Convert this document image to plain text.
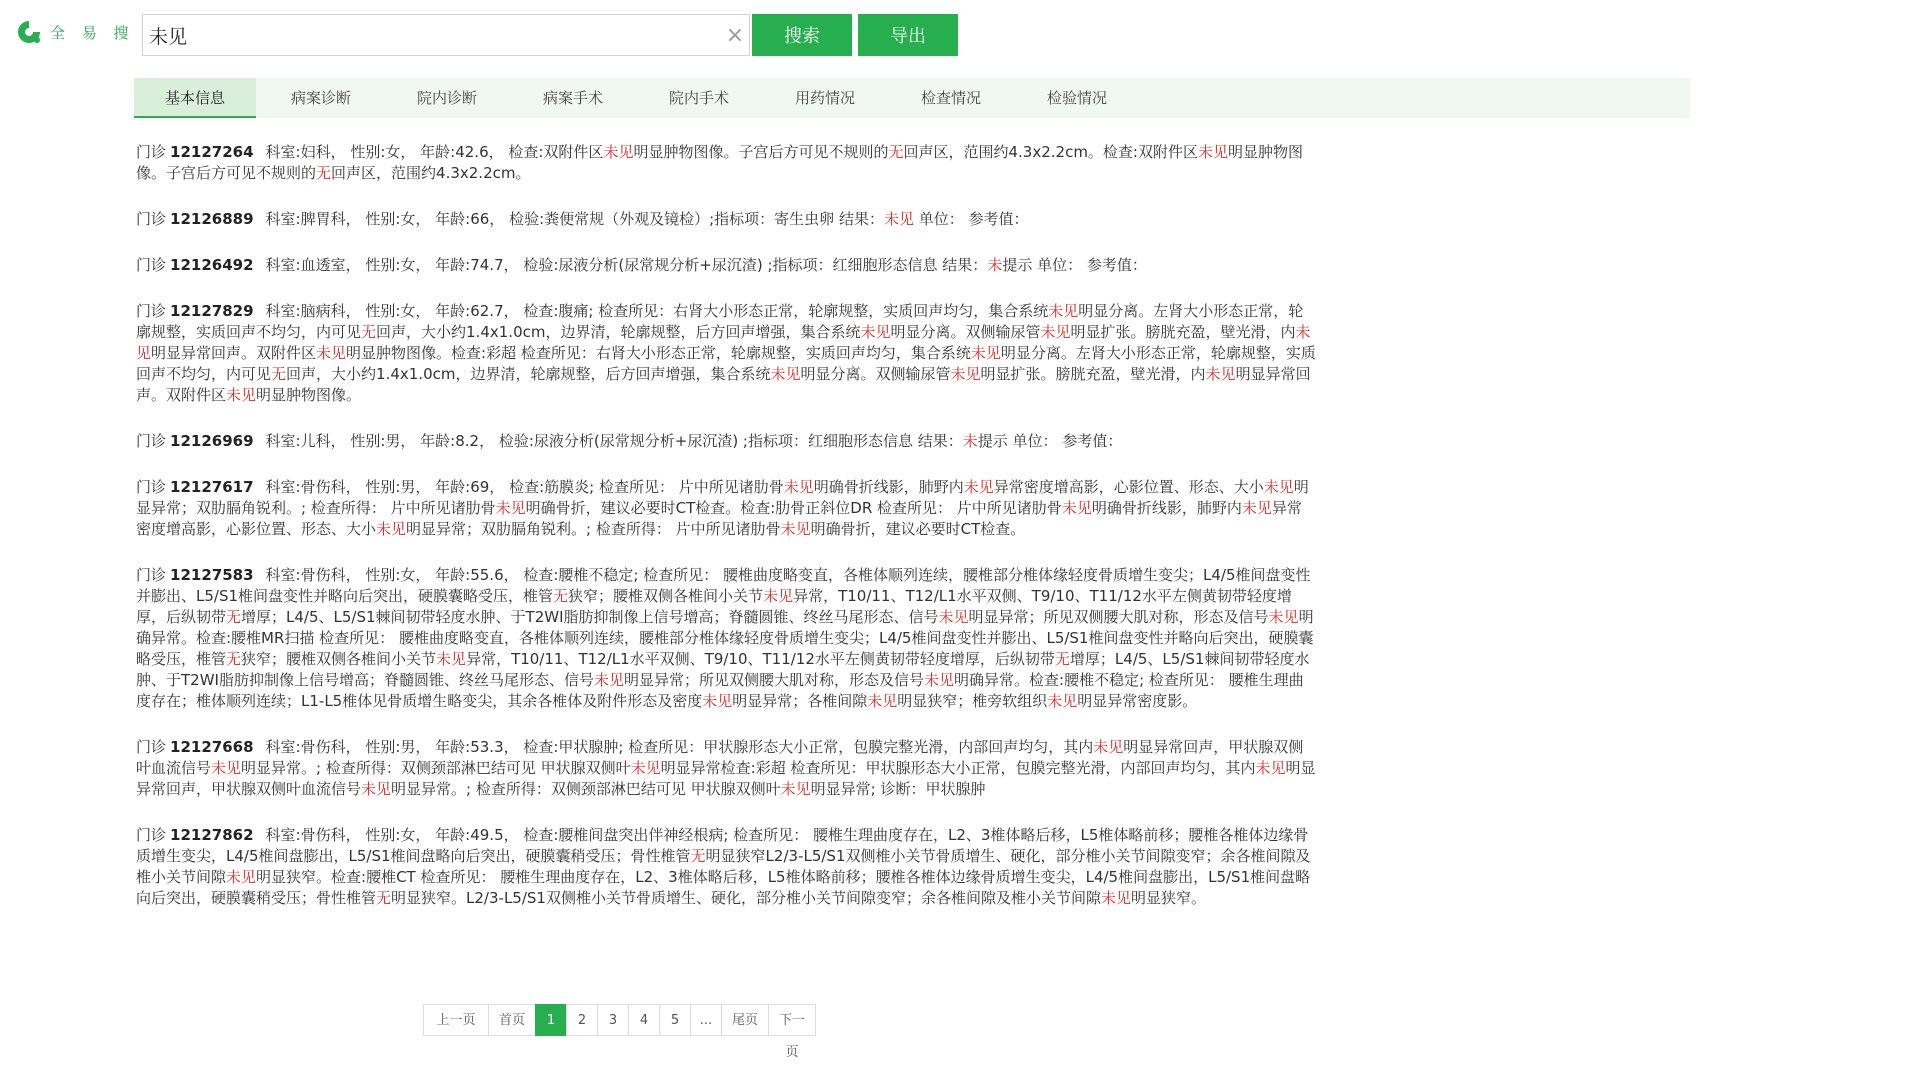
全 易 搜
未见	×	搜索	导出
基本信息	病案诊断	院内诊断	病案手术	院内手术	用药情况	检查情况	检验情况
门诊 12127264 科室:妇科， 性别:女， 年龄:42.6， 检查:双附件区未见明显肿物图像。子宫后方可见不规则的无回声区，范围约4.3x2.2cm。检查:双附件区未见明显肿物图像。子宫后方可见不规则的无回声区，范围约4.3x2.2cm。
门诊 12126889 科室:脾胃科， 性别:女， 年龄:66， 检验:粪便常规（外观及镜检）;指标项：寄生虫卵 结果：未见 单位： 参考值：
门诊 12126492 科室:血透室， 性别:女， 年龄:74.7， 检验:尿液分析(尿常规分析+尿沉渣) ;指标项：红细胞形态信息 结果：未提示 单位： 参考值：
门诊 12127829 科室:脑病科， 性别:女， 年龄:62.7， 检查:腹痛; 检查所见：右肾大小形态正常，轮廓规整，实质回声均匀，集合系统未见明显分离。左肾大小形态正常，轮廓规整，实质回声不均匀，内可见无回声，大小约1.4x1.0cm，边界清，轮廓规整，后方回声增强，集合系统未见明显分离。双侧输尿管未见明显扩张。膀胱充盈，壁光滑，内未见明显异常回声。双附件区未见明显肿物图像。检查:彩超 检查所见：右肾大小形态正常，轮廓规整，实质回声均匀，集合系统未见明显分离。左肾大小形态正常，轮廓规整，实质回声不均匀，内可见无回声，大小约1.4x1.0cm，边界清，轮廓规整，后方回声增强，集合系统未见明显分离。双侧输尿管未见明显扩张。膀胱充盈，壁光滑，内未见明显异常回声。双附件区未见明显肿物图像。
门诊 12126969 科室:儿科， 性别:男， 年龄:8.2， 检验:尿液分析(尿常规分析+尿沉渣) ;指标项：红细胞形态信息 结果：未提示 单位： 参考值：
门诊 12127617 科室:骨伤科， 性别:男， 年龄:69， 检查:筋膜炎; 检查所见： 片中所见诸肋骨未见明确骨折线影，肺野内未见异常密度增高影，心影位置、形态、大小未见明显异常；双肋膈角锐利。; 检查所得： 片中所见诸肋骨未见明确骨折，建议必要时CT检查。检查:肋骨正斜位DR 检查所见： 片中所见诸肋骨未见明确骨折线影，肺野内未见异常密度增高影，心影位置、形态、大小未见明显异常；双肋膈角锐利。; 检查所得： 片中所见诸肋骨未见明确骨折，建议必要时CT检查。
门诊 12127583 科室:骨伤科， 性别:女， 年龄:55.6， 检查:腰椎不稳定; 检查所见： 腰椎曲度略变直，各椎体顺列连续，腰椎部分椎体缘轻度骨质增生变尖；L4/5椎间盘变性并膨出、L5/S1椎间盘变性并略向后突出，硬膜囊略受压，椎管无狭窄；腰椎双侧各椎间小关节未见异常，T10/11、T12/L1水平双侧、T9/10、T11/12水平左侧黄韧带轻度增厚，后纵韧带无增厚；L4/5、L5/S1棘间韧带轻度水肿、于T2WI脂肪抑制像上信号增高；脊髓圆锥、终丝马尾形态、信号未见明显异常；所见双侧腰大肌对称，形态及信号未见明确异常。检查:腰椎MR扫描 检查所见： 腰椎曲度略变直，各椎体顺列连续，腰椎部分椎体缘轻度骨质增生变尖；L4/5椎间盘变性并膨出、L5/S1椎间盘变性并略向后突出，硬膜囊略受压，椎管无狭窄；腰椎双侧各椎间小关节未见异常，T10/11、T12/L1水平双侧、T9/10、T11/12水平左侧黄韧带轻度增厚，后纵韧带无增厚；L4/5、L5/S1棘间韧带轻度水肿、于T2WI脂肪抑制像上信号增高；脊髓圆锥、终丝马尾形态、信号未见明显异常；所见双侧腰大肌对称，形态及信号未见明确异常。检查:腰椎不稳定; 检查所见： 腰椎生理曲度存在；椎体顺列连续；L1-L5椎体见骨质增生略变尖，其余各椎体及附件形态及密度未见明显异常；各椎间隙未见明显狭窄；椎旁软组织未见明显异常密度影。
门诊 12127668 科室:骨伤科， 性别:男， 年龄:53.3， 检查:甲状腺肿; 检查所见：甲状腺形态大小正常，包膜完整光滑，内部回声均匀，其内未见明显异常回声，甲状腺双侧叶血流信号未见明显异常。; 检查所得：双侧颈部淋巴结可见 甲状腺双侧叶未见明显异常检查:彩超 检查所见：甲状腺形态大小正常，包膜完整光滑，内部回声均匀，其内未见明显异常回声，甲状腺双侧叶血流信号未见明显异常。; 检查所得：双侧颈部淋巴结可见 甲状腺双侧叶未见明显异常; 诊断：甲状腺肿
门诊 12127862 科室:骨伤科， 性别:女， 年龄:49.5， 检查:腰椎间盘突出伴神经根病; 检查所见： 腰椎生理曲度存在，L2、3椎体略后移，L5椎体略前移；腰椎各椎体边缘骨质增生变尖，L4/5椎间盘膨出，L5/S1椎间盘略向后突出，硬膜囊稍受压；骨性椎管无明显狭窄L2/3-L5/S1双侧椎小关节骨质增生、硬化，部分椎小关节间隙变窄；余各椎间隙及椎小关节间隙未见明显狭窄。检查:腰椎CT 检查所见： 腰椎生理曲度存在，L2、3椎体略后移，L5椎体略前移；腰椎各椎体边缘骨质增生变尖，L4/5椎间盘膨出，L5/S1椎间盘略向后突出，硬膜囊稍受压；骨性椎管无明显狭窄。L2/3-L5/S1双侧椎小关节骨质增生、硬化，部分椎小关节间隙变窄；余各椎间隙及椎小关节间隙未见明显狭窄。
上一页	首页	1	2	3	4	5	...	尾页	下一页
